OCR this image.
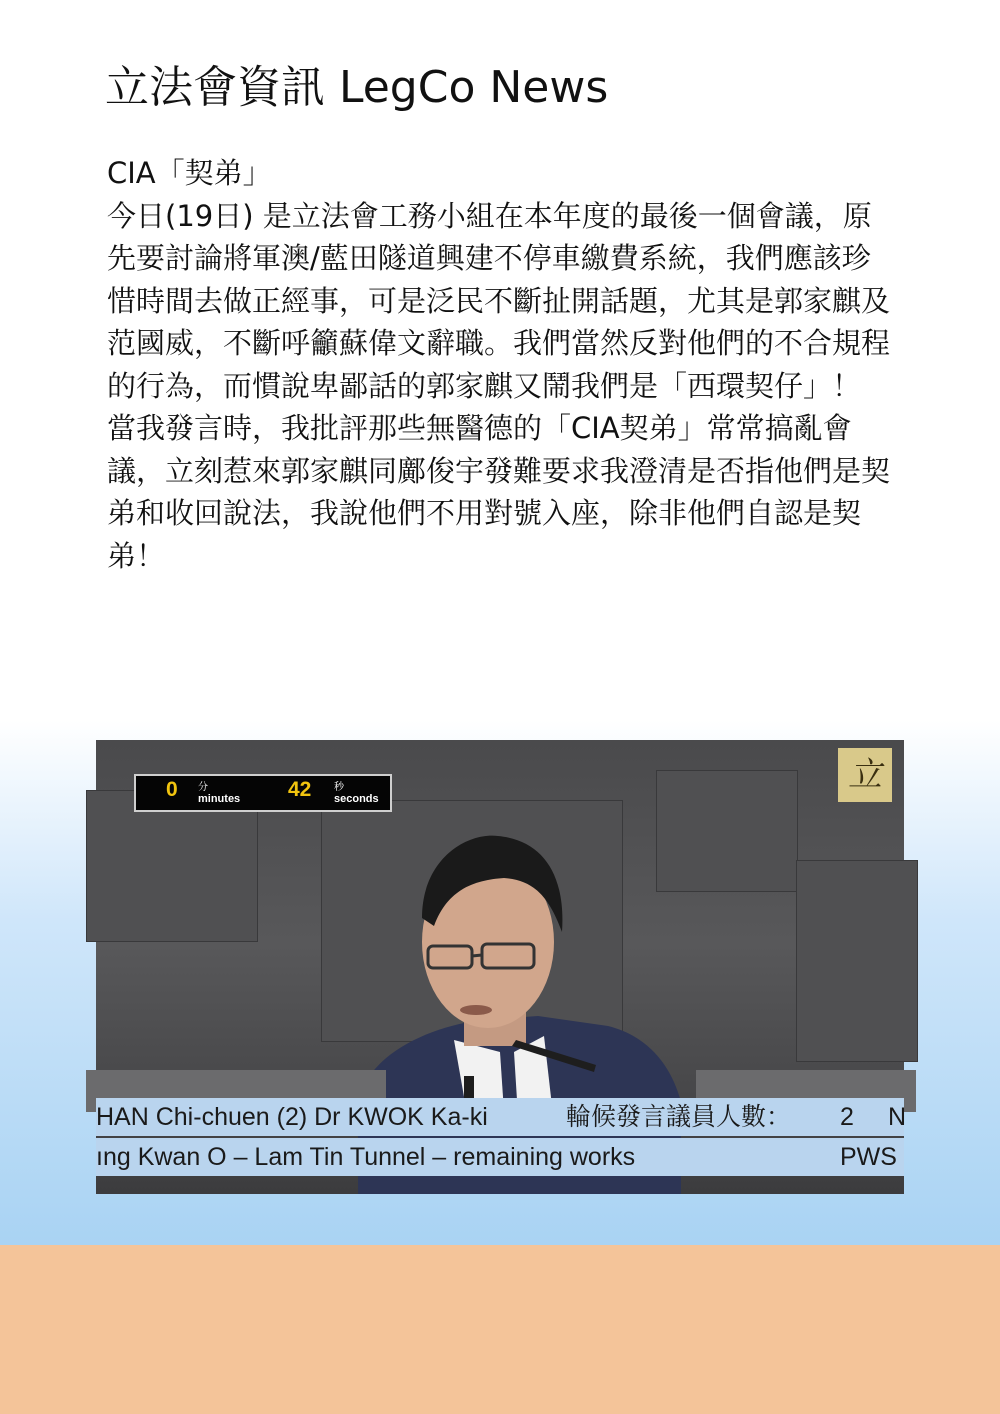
立法會資訊 LegCo News

CIA「契弟」

今日(19日) 是立法會工務小組在本年度的最後一個會議，原先要討論將軍澳/藍田隧道興建不停車繳費系統，我們應該珍惜時間去做正經事，可是泛民不斷扯開話題，尤其是郭家麒及范國威，不斷呼籲蘇偉文辭職。我們當然反對他們的不合規程的行為，而慣說卑鄙話的郭家麒又鬧我們是「西環契仔」！

當我發言時，我批評那些無醫德的「CIA契弟」常常搞亂會議，立刻惹來郭家麒同鄺俊宇發難要求我澄清是否指他們是契弟和收回說法，我說他們不用對號入座，除非他們自認是契弟！

0 分
minutes 42 秒
seconds
立
HAN Chi-chuen (2) Dr KWOK Ka-ki	輪候發言議員人數： 2 N
ıng Kwan O – Lam Tin Tunnel – remaining works	PWS
